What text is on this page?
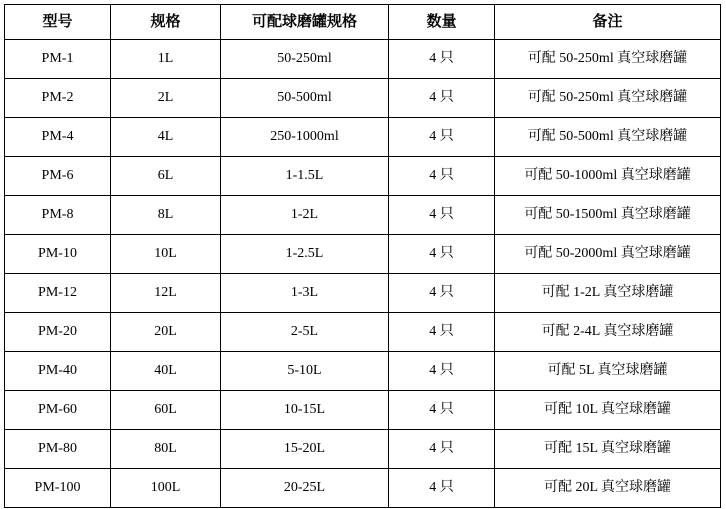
型号	规格	可配球磨罐规格	数量	备注
PM-1	1L	50-250ml	4 只	可配 50-250ml 真空球磨罐
PM-2	2L	50-500ml	4 只	可配 50-250ml 真空球磨罐
PM-4	4L	250-1000ml	4 只	可配 50-500ml 真空球磨罐
PM-6	6L	1-1.5L	4 只	可配 50-1000ml 真空球磨罐
PM-8	8L	1-2L	4 只	可配 50-1500ml 真空球磨罐
PM-10	10L	1-2.5L	4 只	可配 50-2000ml 真空球磨罐
PM-12	12L	1-3L	4 只	可配 1-2L 真空球磨罐
PM-20	20L	2-5L	4 只	可配 2-4L 真空球磨罐
PM-40	40L	5-10L	4 只	可配 5L 真空球磨罐
PM-60	60L	10-15L	4 只	可配 10L 真空球磨罐
PM-80	80L	15-20L	4 只	可配 15L 真空球磨罐
PM-100	100L	20-25L	4 只	可配 20L 真空球磨罐
